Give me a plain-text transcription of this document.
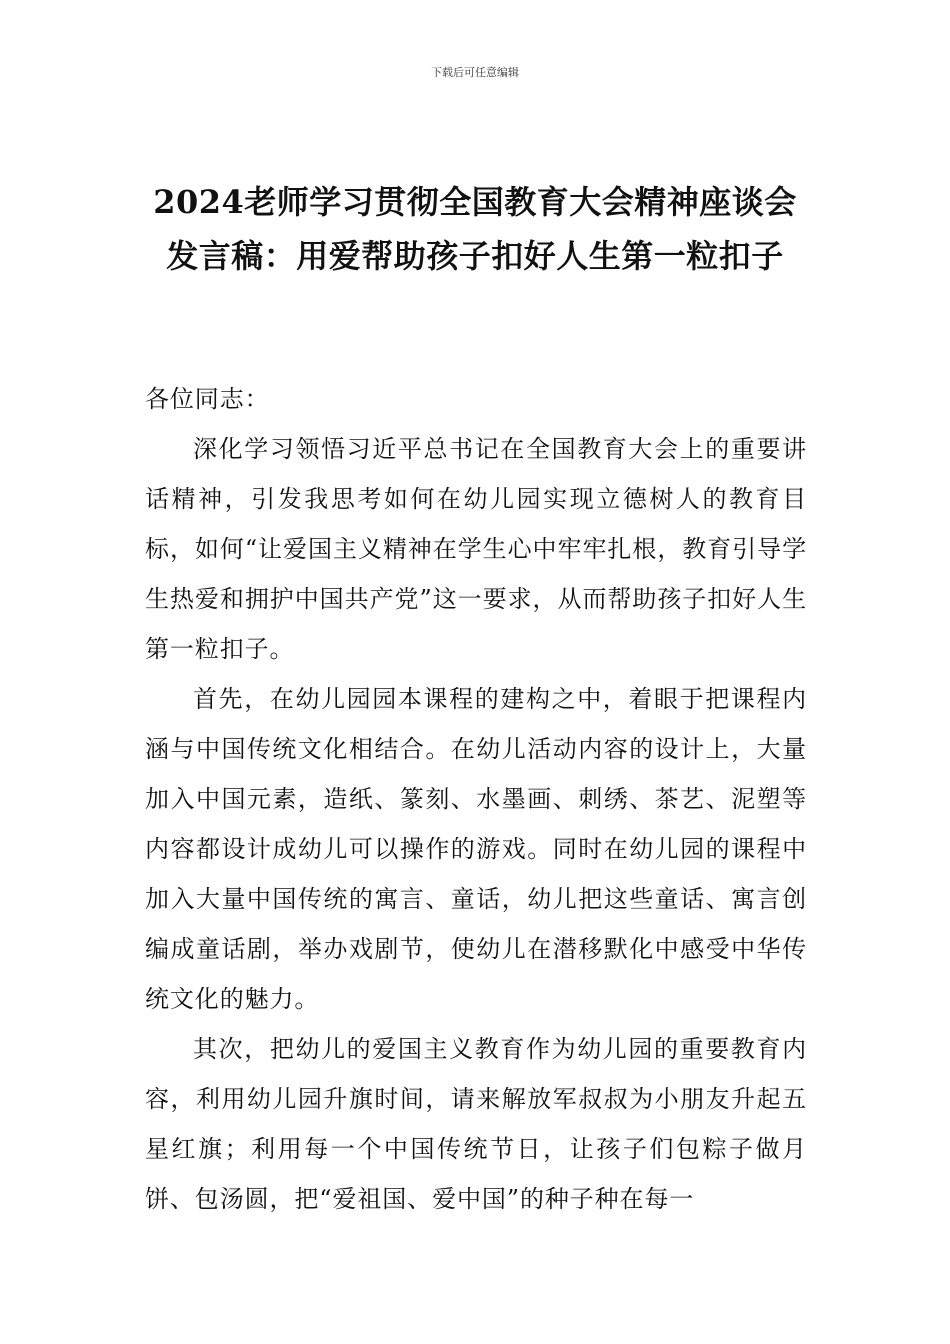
下载后可任意编辑
2024老师学习贯彻全国教育大会精神座谈会发言稿：用爱帮助孩子扣好人生第一粒扣子

各位同志：

深化学习领悟习近平总书记在全国教育大会上的重要讲话精神，引发我思考如何在幼儿园实现立德树人的教育目标，如何“让爱国主义精神在学生心中牢牢扎根，教育引导学生热爱和拥护中国共产党”这一要求，从而帮助孩子扣好人生第一粒扣子。

首先，在幼儿园园本课程的建构之中，着眼于把课程内涵与中国传统文化相结合。在幼儿活动内容的设计上，大量加入中国元素，造纸、篆刻、水墨画、刺绣、茶艺、泥塑等内容都设计成幼儿可以操作的游戏。同时在幼儿园的课程中加入大量中国传统的寓言、童话，幼儿把这些童话、寓言创编成童话剧，举办戏剧节，使幼儿在潜移默化中感受中华传统文化的魅力。

其次，把幼儿的爱国主义教育作为幼儿园的重要教育内容，利用幼儿园升旗时间，请来解放军叔叔为小朋友升起五星红旗；利用每一个中国传统节日，让孩子们包粽子做月饼、包汤圆，把“爱祖国、爱中国”的种子种在每一
